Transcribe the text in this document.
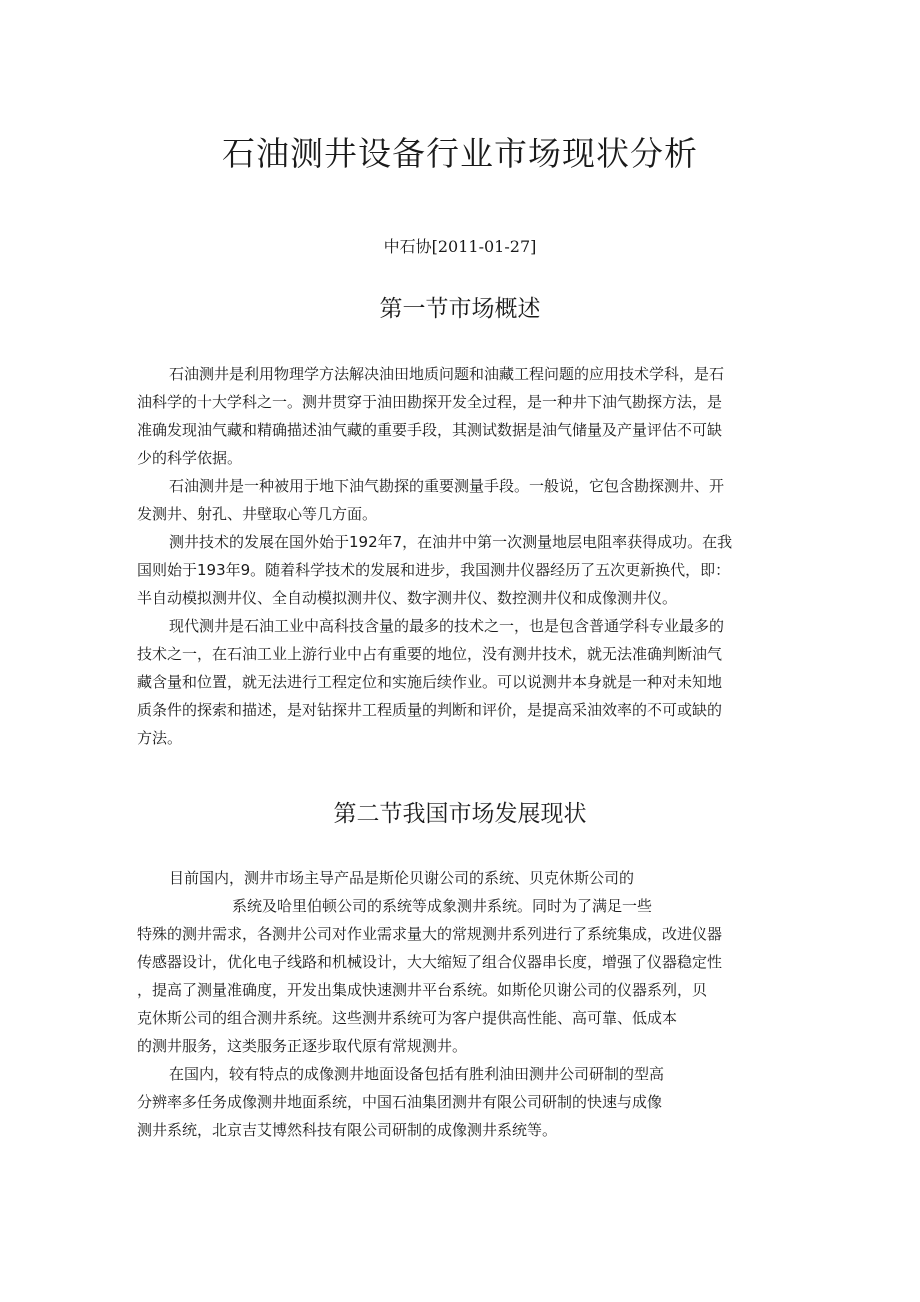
石油测井设备行业市场现状分析

中石协[2011-01-27]

第一节市场概述
石油测井是利用物理学方法解决油田地质问题和油藏工程问题的应用技术学科，是石
油科学的十大学科之一。测井贯穿于油田勘探开发全过程，是一种井下油气勘探方法，是
准确发现油气藏和精确描述油气藏的重要手段，其测试数据是油气储量及产量评估不可缺
少的科学依据。
石油测井是一种被用于地下油气勘探的重要测量手段。一般说，它包含勘探测井、开
发测井、射孔、井壁取心等几方面。
测井技术的发展在国外始于192年7，在油井中第一次测量地层电阻率获得成功。在我
国则始于193年9。随着科学技术的发展和进步，我国测井仪器经历了五次更新换代，即：
半自动模拟测井仪、全自动模拟测井仪、数字测井仪、数控测井仪和成像测井仪。
现代测井是石油工业中高科技含量的最多的技术之一，也是包含普通学科专业最多的
技术之一，在石油工业上游行业中占有重要的地位，没有测井技术，就无法准确判断油气
藏含量和位置，就无法进行工程定位和实施后续作业。可以说测井本身就是一种对未知地
质条件的探索和描述，是对钻探井工程质量的判断和评价，是提高采油效率的不可或缺的
方法。
第二节我国市场发展现状
目前国内，测井市场主导产品是斯伦贝谢公司的系统、贝克休斯公司的
系统及哈里伯顿公司的系统等成象测井系统。同时为了满足一些
特殊的测井需求，各测井公司对作业需求量大的常规测井系列进行了系统集成，改进仪器
传感器设计，优化电子线路和机械设计，大大缩短了组合仪器串长度，增强了仪器稳定性
，提高了测量准确度，开发出集成快速测井平台系统。如斯伦贝谢公司的仪器系列，贝
克休斯公司的组合测井系统。这些测井系统可为客户提供高性能、高可靠、低成本
的测井服务，这类服务正逐步取代原有常规测井。
在国内，较有特点的成像测井地面设备包括有胜利油田测井公司研制的型高
分辨率多任务成像测井地面系统，中国石油集团测井有限公司研制的快速与成像
测井系统，北京吉艾博然科技有限公司研制的成像测井系统等。
